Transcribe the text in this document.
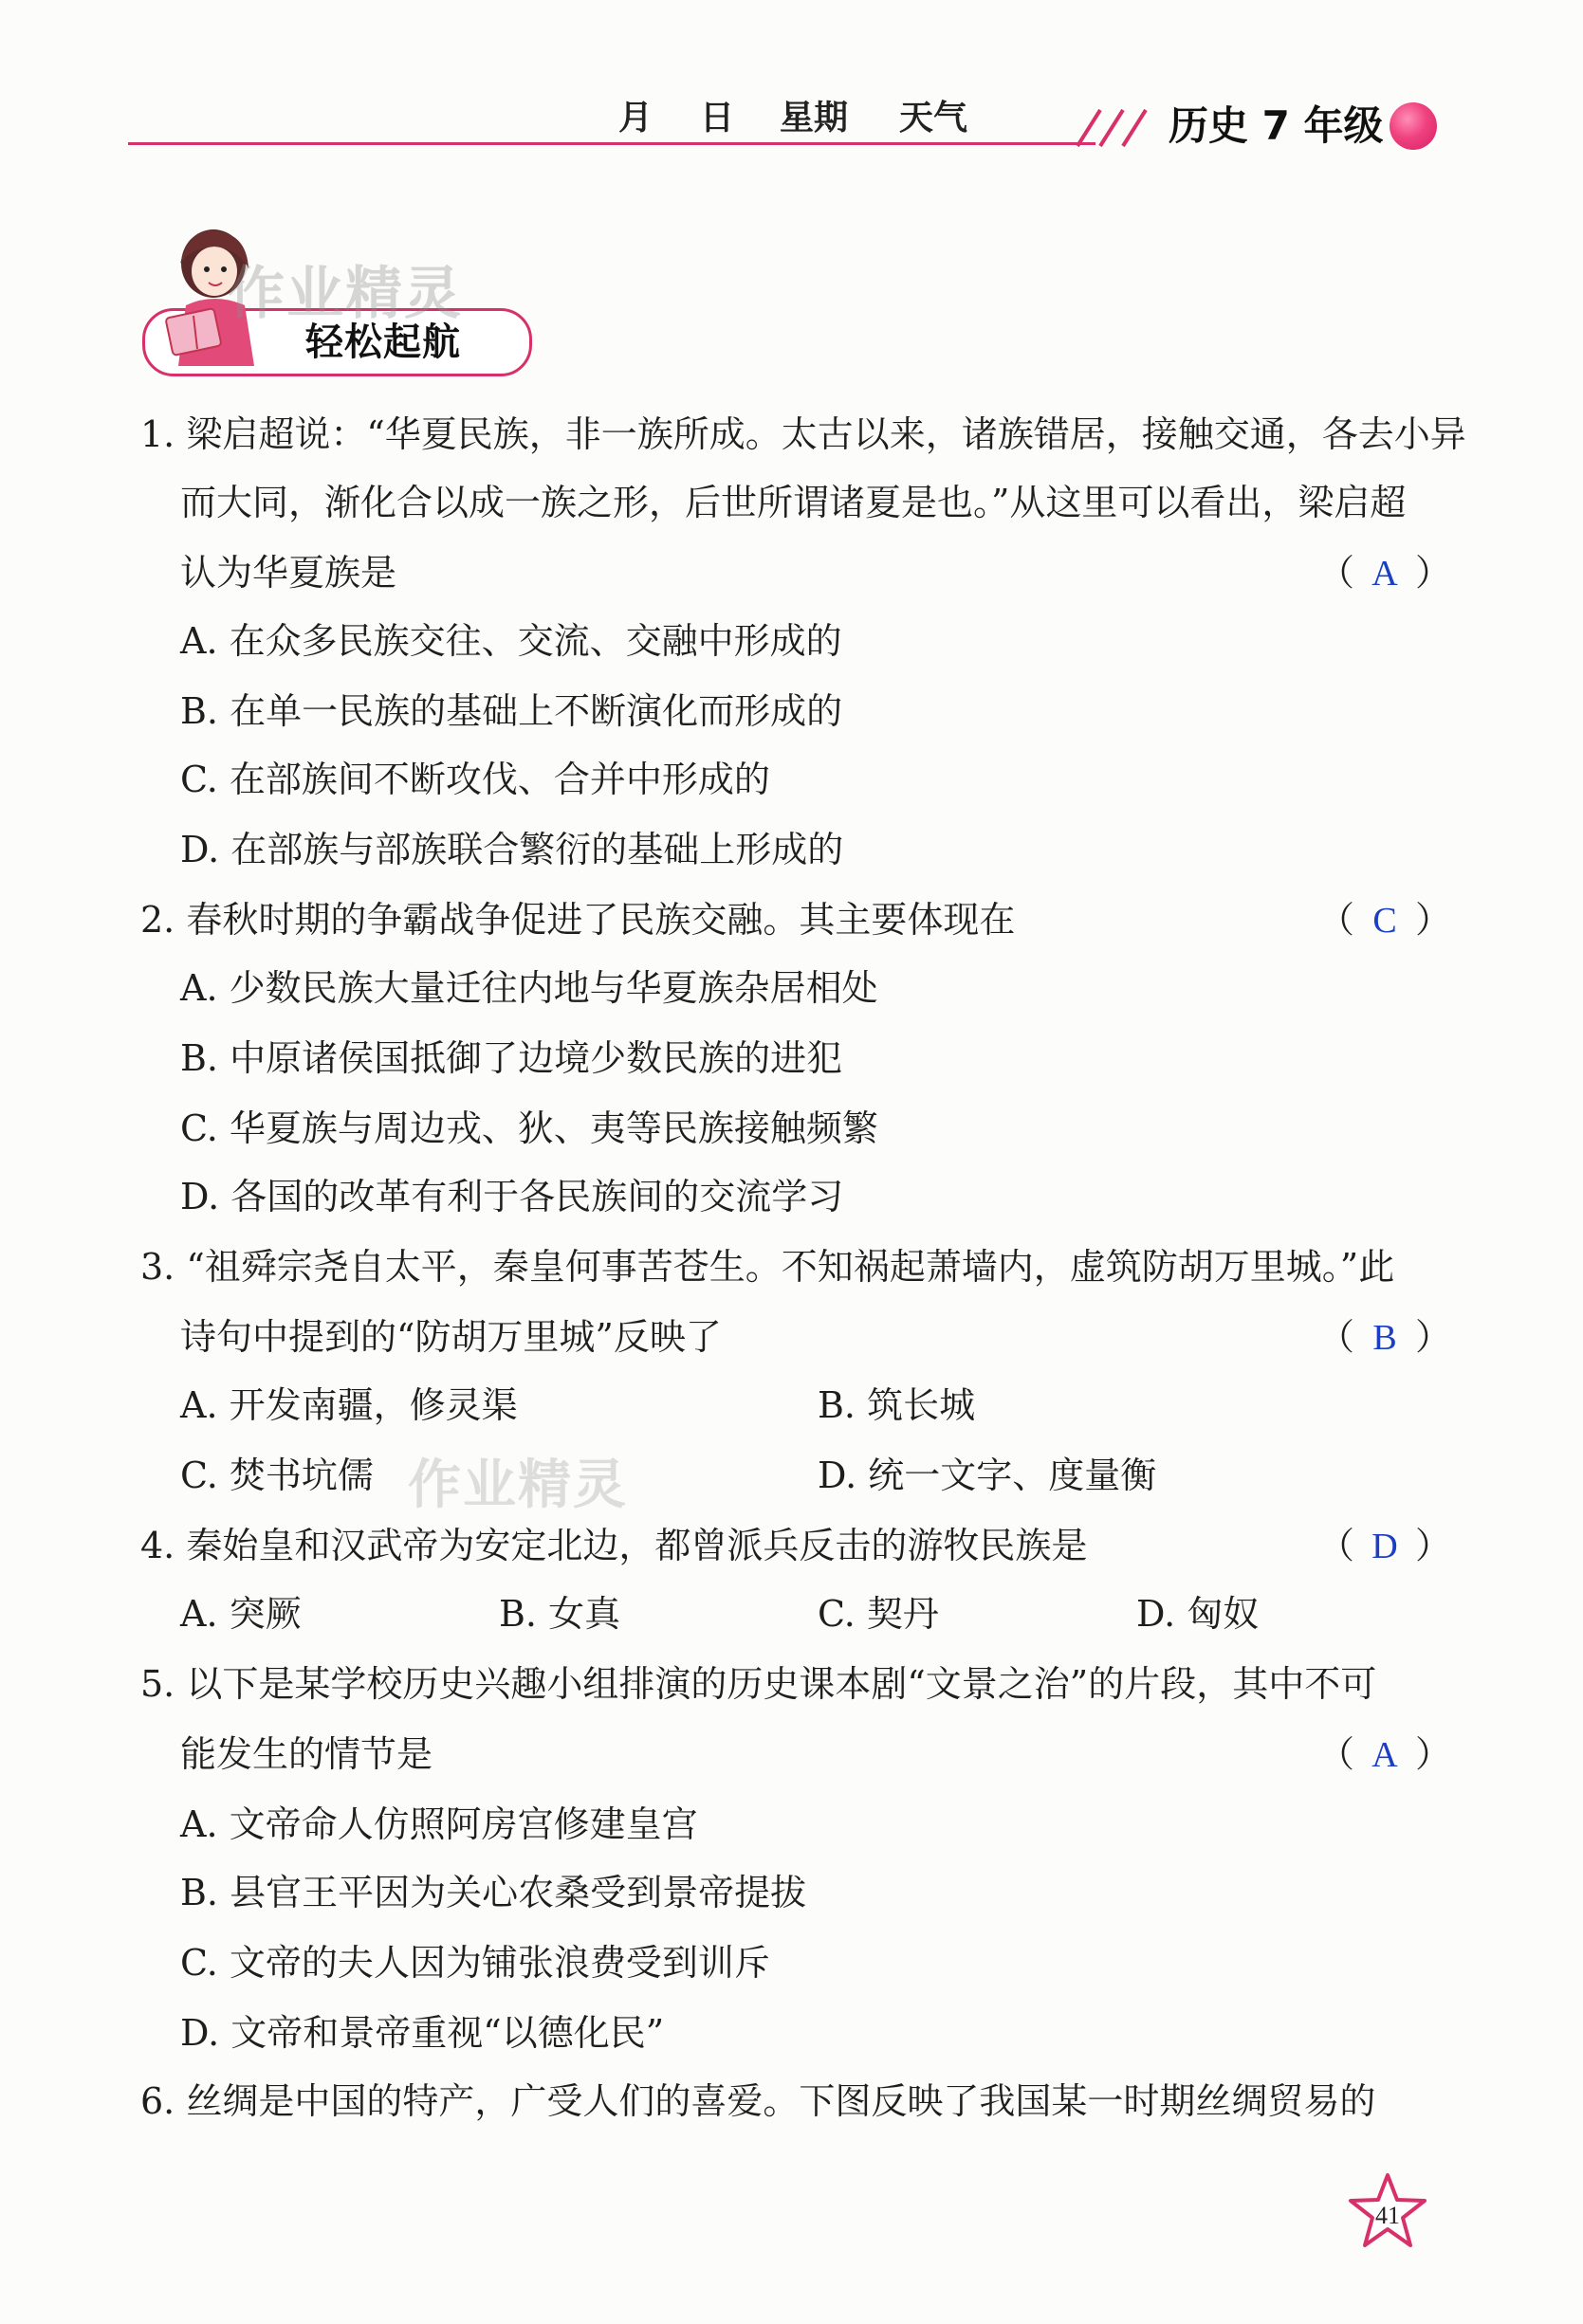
月 日 星期 天气	历史 7 年级
轻松起航
作业精灵
1. 梁启超说：“华夏民族，非一族所成。太古以来，诸族错居，接触交通，各去小异
而大同，渐化合以成一族之形，后世所谓诸夏是也。”从这里可以看出，梁启超
认为华夏族是	（ A ）
A. 在众多民族交往、交流、交融中形成的
B. 在单一民族的基础上不断演化而形成的
C. 在部族间不断攻伐、合并中形成的
D. 在部族与部族联合繁衍的基础上形成的
2. 春秋时期的争霸战争促进了民族交融。其主要体现在	（ C ）
A. 少数民族大量迁往内地与华夏族杂居相处
B. 中原诸侯国抵御了边境少数民族的进犯
C. 华夏族与周边戎、狄、夷等民族接触频繁
D. 各国的改革有利于各民族间的交流学习
3. “祖舜宗尧自太平，秦皇何事苦苍生。不知祸起萧墙内，虚筑防胡万里城。”此
诗句中提到的“防胡万里城”反映了	（ B ）
A. 开发南疆，修灵渠	B. 筑长城
C. 焚书坑儒 作业精灵	D. 统一文字、度量衡
4. 秦始皇和汉武帝为安定北边，都曾派兵反击的游牧民族是	（ D ）
A. 突厥	B. 女真	C. 契丹	D. 匈奴
5. 以下是某学校历史兴趣小组排演的历史课本剧“文景之治”的片段，其中不可
能发生的情节是	（ A ）
A. 文帝命人仿照阿房宫修建皇宫
B. 县官王平因为关心农桑受到景帝提拔
C. 文帝的夫人因为铺张浪费受到训斥
D. 文帝和景帝重视“以德化民”
6. 丝绸是中国的特产，广受人们的喜爱。下图反映了我国某一时期丝绸贸易的
41
